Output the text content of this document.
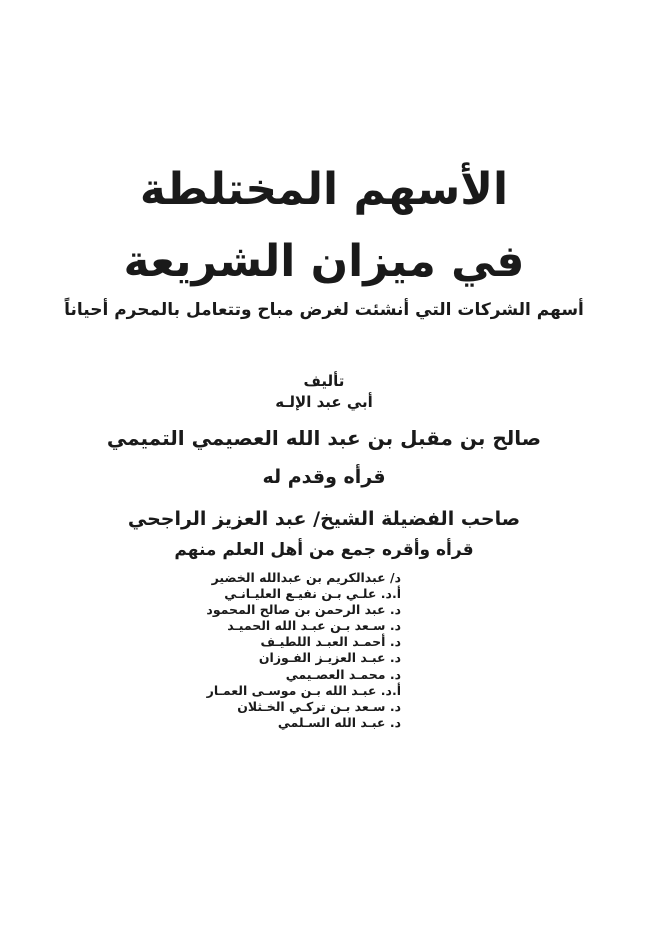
الأسهم المختلطة
في ميزان الشريعة
أسهم الشركات التي أنشئت لغرض مباح وتتعامل بالمحرم أحياناً
تأليف
أبي عبد الإلـه
صالح بن مقبل بن عبد الله العصيمي التميمي
قرأه وقدم له
صاحب الفضيلة الشيخ/ عبد العزيز الراجحي
قرأه وأقره جمع من أهل العلم منهم
د/ عبدالكريم بن عبدالله الخضير
أ.د. علـي بـن نفيـع العليـانـي
د. عبد الرحمن بن صالح المحمود
د. سـعد بـن عبـد الله الحميـد
د. أحمـد العبـد اللطيـف
د. عبـد العزيـز الفـوزان
د. محمـد العصـيمي
أ.د. عبـد الله بـن موسـى العمـار
د. سـعد بـن تركـي الخـثلان
د. عبـد الله السـلمي
